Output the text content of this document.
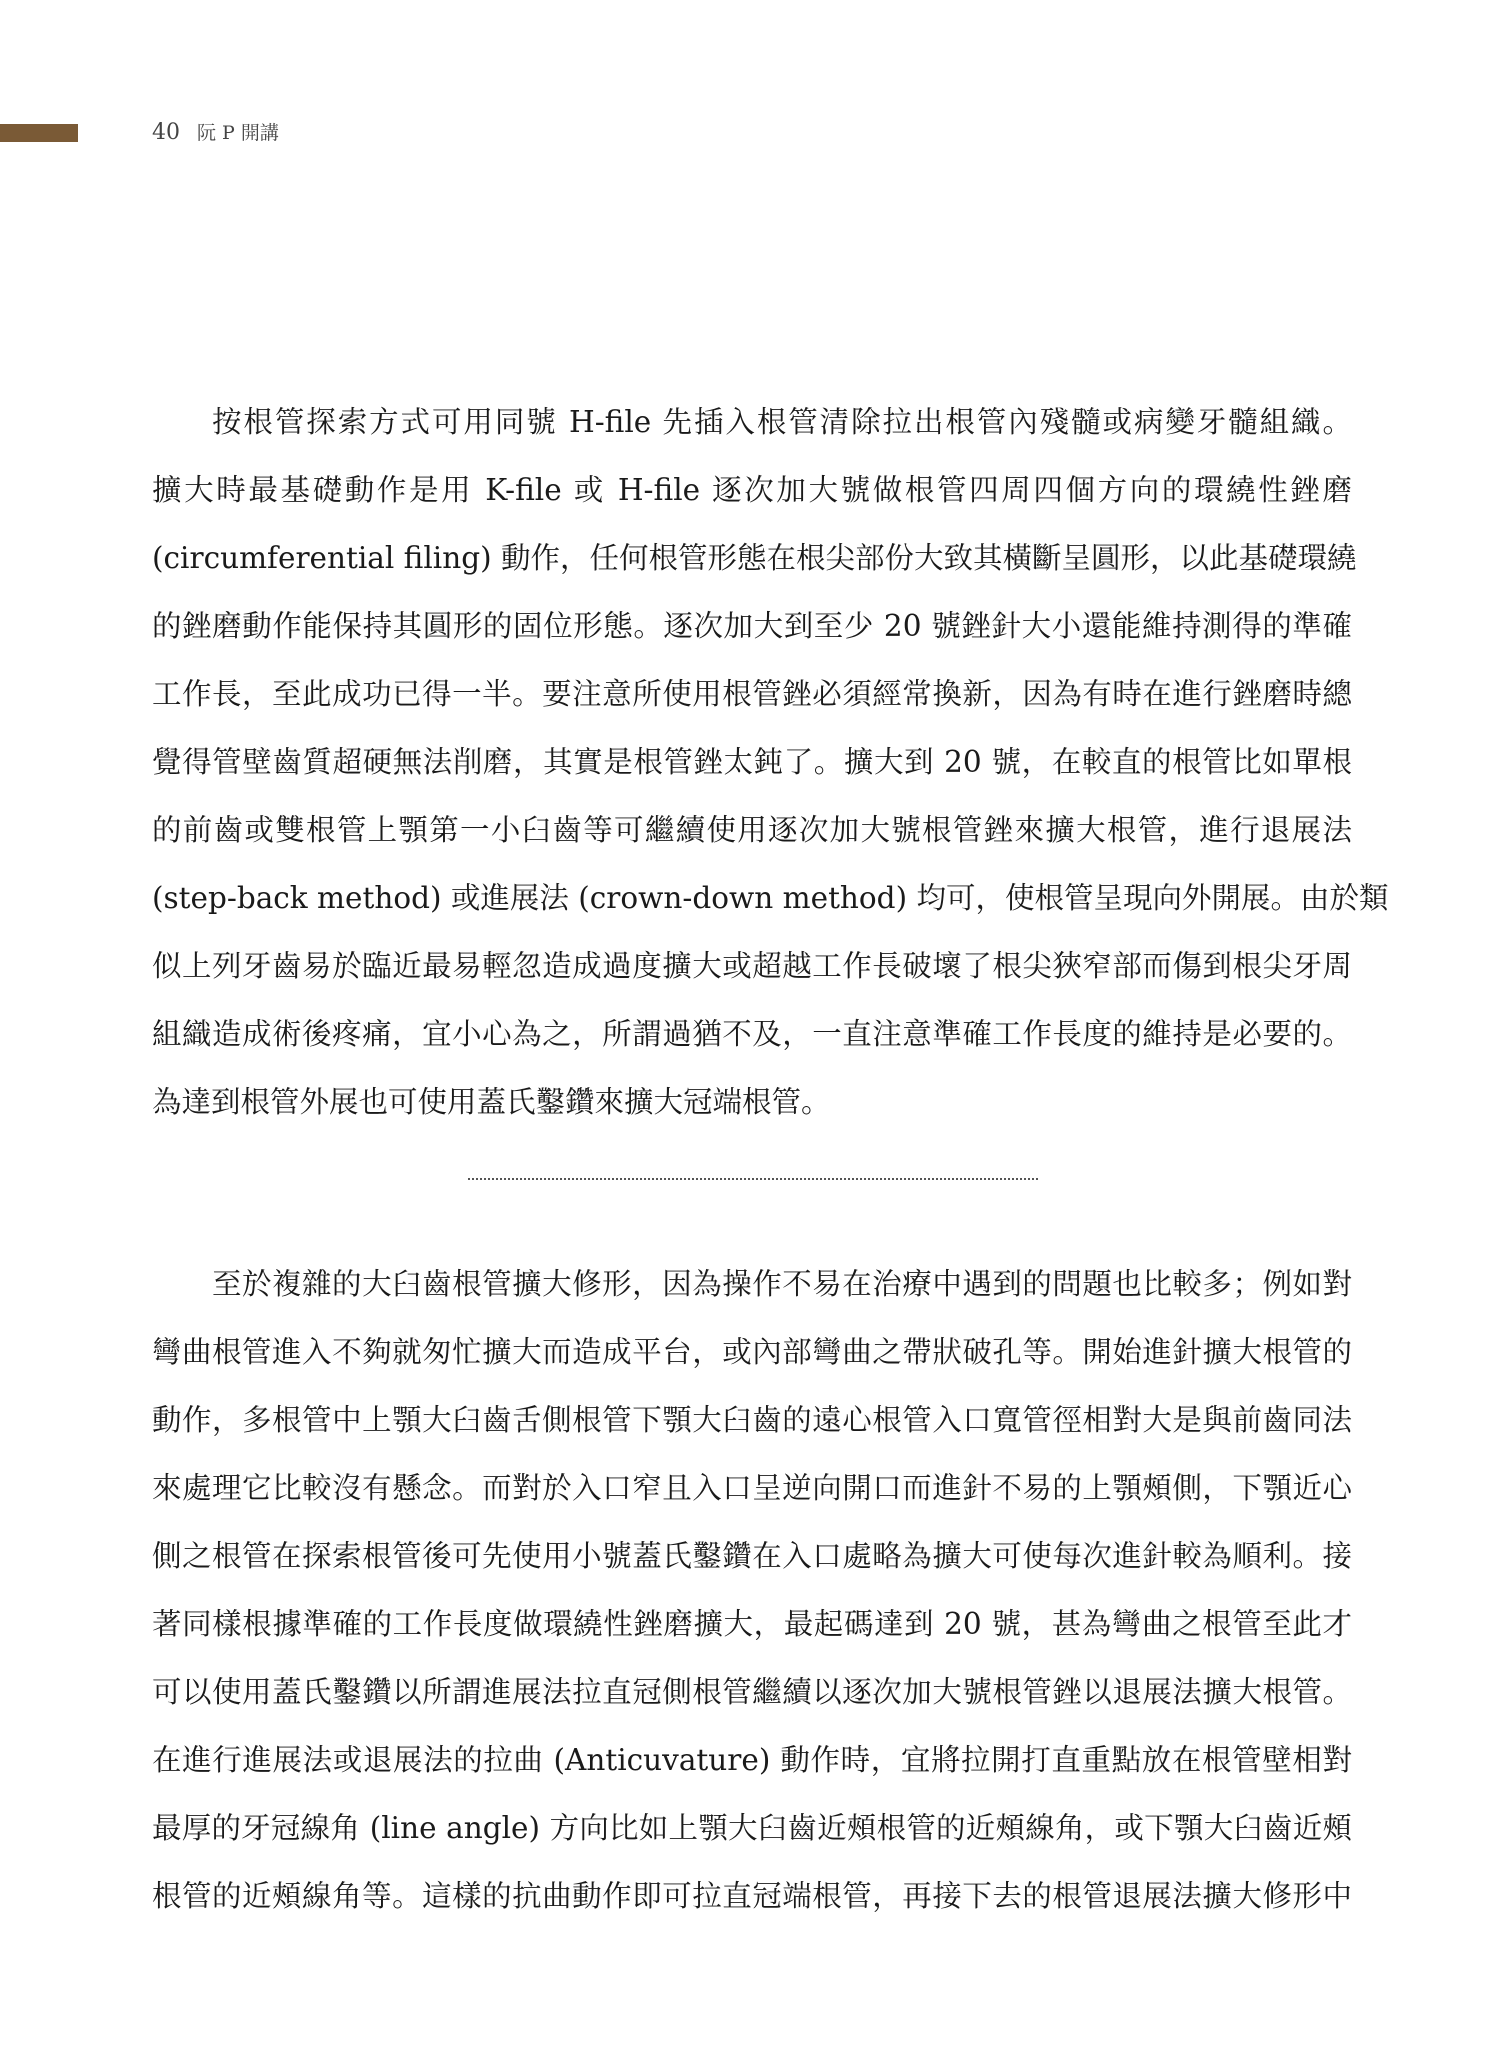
40 阮 P 開講
按根管探索方式可用同號 H-file 先插入根管清除拉出根管內殘髓或病變牙髓組織。
擴大時最基礎動作是用 K-file 或 H-file 逐次加大號做根管四周四個方向的環繞性銼磨
(circumferential filing) 動作，任何根管形態在根尖部份大致其橫斷呈圓形，以此基礎環繞
的銼磨動作能保持其圓形的固位形態。逐次加大到至少 20 號銼針大小還能維持測得的準確
工作長，至此成功已得一半。要注意所使用根管銼必須經常換新，因為有時在進行銼磨時總
覺得管壁齒質超硬無法削磨，其實是根管銼太鈍了。擴大到 20 號，在較直的根管比如單根
的前齒或雙根管上顎第一小臼齒等可繼續使用逐次加大號根管銼來擴大根管，進行退展法
(step-back method) 或進展法 (crown-down method) 均可，使根管呈現向外開展。由於類
似上列牙齒易於臨近最易輕忽造成過度擴大或超越工作長破壞了根尖狹窄部而傷到根尖牙周
組織造成術後疼痛，宜小心為之，所謂過猶不及，一直注意準確工作長度的維持是必要的。
為達到根管外展也可使用蓋氏鑿鑽來擴大冠端根管。
至於複雜的大臼齒根管擴大修形，因為操作不易在治療中遇到的問題也比較多；例如對
彎曲根管進入不夠就匆忙擴大而造成平台，或內部彎曲之帶狀破孔等。開始進針擴大根管的
動作，多根管中上顎大臼齒舌側根管下顎大臼齒的遠心根管入口寬管徑相對大是與前齒同法
來處理它比較沒有懸念。而對於入口窄且入口呈逆向開口而進針不易的上顎頰側，下顎近心
側之根管在探索根管後可先使用小號蓋氏鑿鑽在入口處略為擴大可使每次進針較為順利。接
著同樣根據準確的工作長度做環繞性銼磨擴大，最起碼達到 20 號，甚為彎曲之根管至此才
可以使用蓋氏鑿鑽以所謂進展法拉直冠側根管繼續以逐次加大號根管銼以退展法擴大根管。
在進行進展法或退展法的拉曲 (Anticuvature) 動作時，宜將拉開打直重點放在根管壁相對
最厚的牙冠線角 (line angle) 方向比如上顎大臼齒近頰根管的近頰線角，或下顎大臼齒近頰
根管的近頰線角等。這樣的抗曲動作即可拉直冠端根管，再接下去的根管退展法擴大修形中
